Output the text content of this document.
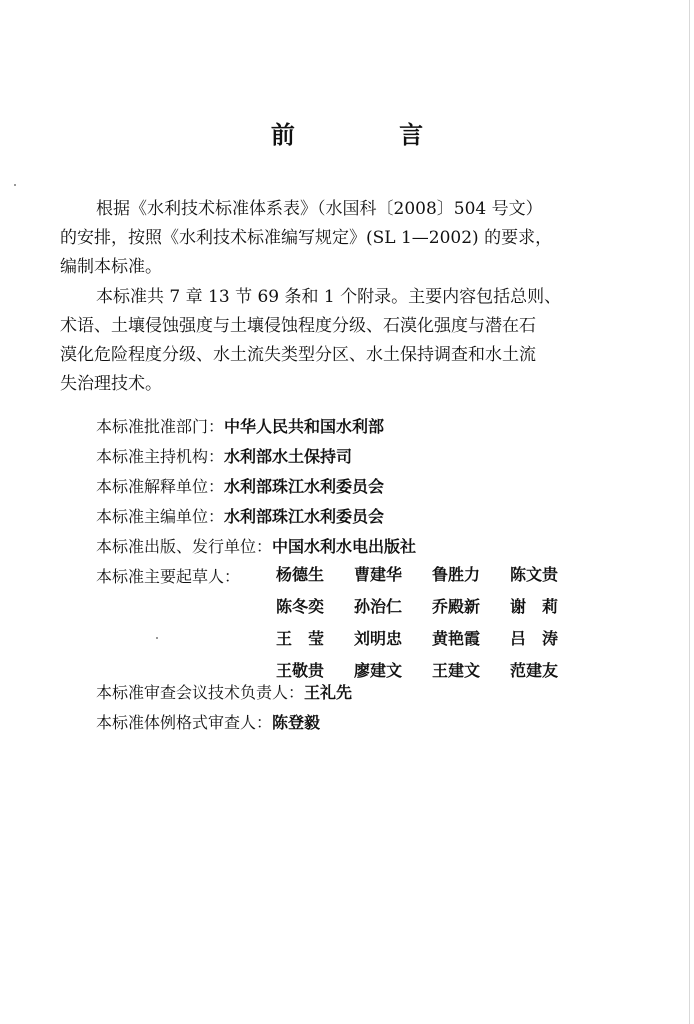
前 言
根据《水利技术标准体系表》（水国科〔2008〕504 号文）
的安排，按照《水利技术标准编写规定》(SL 1—2002) 的要求，
编制本标准。
本标准共 7 章 13 节 69 条和 1 个附录。主要内容包括总则、
术语、土壤侵蚀强度与土壤侵蚀程度分级、石漠化强度与潜在石
漠化危险程度分级、水土流失类型分区、水土保持调查和水土流
失治理技术。
本标准批准部门：中华人民共和国水利部
本标准主持机构：水利部水土保持司
本标准解释单位：水利部珠江水利委员会
本标准主编单位：水利部珠江水利委员会
本标准出版、发行单位：中国水利水电出版社
本标准主要起草人：	杨德生 曹建华 鲁胜力 陈文贵
陈冬奕 孙治仁 乔殿新 谢　莉
王　莹 刘明忠 黄艳霞 吕　涛
王敬贵 廖建文 王建文 范建友
本标准审查会议技术负责人：王礼先
本标准体例格式审查人：陈登毅
